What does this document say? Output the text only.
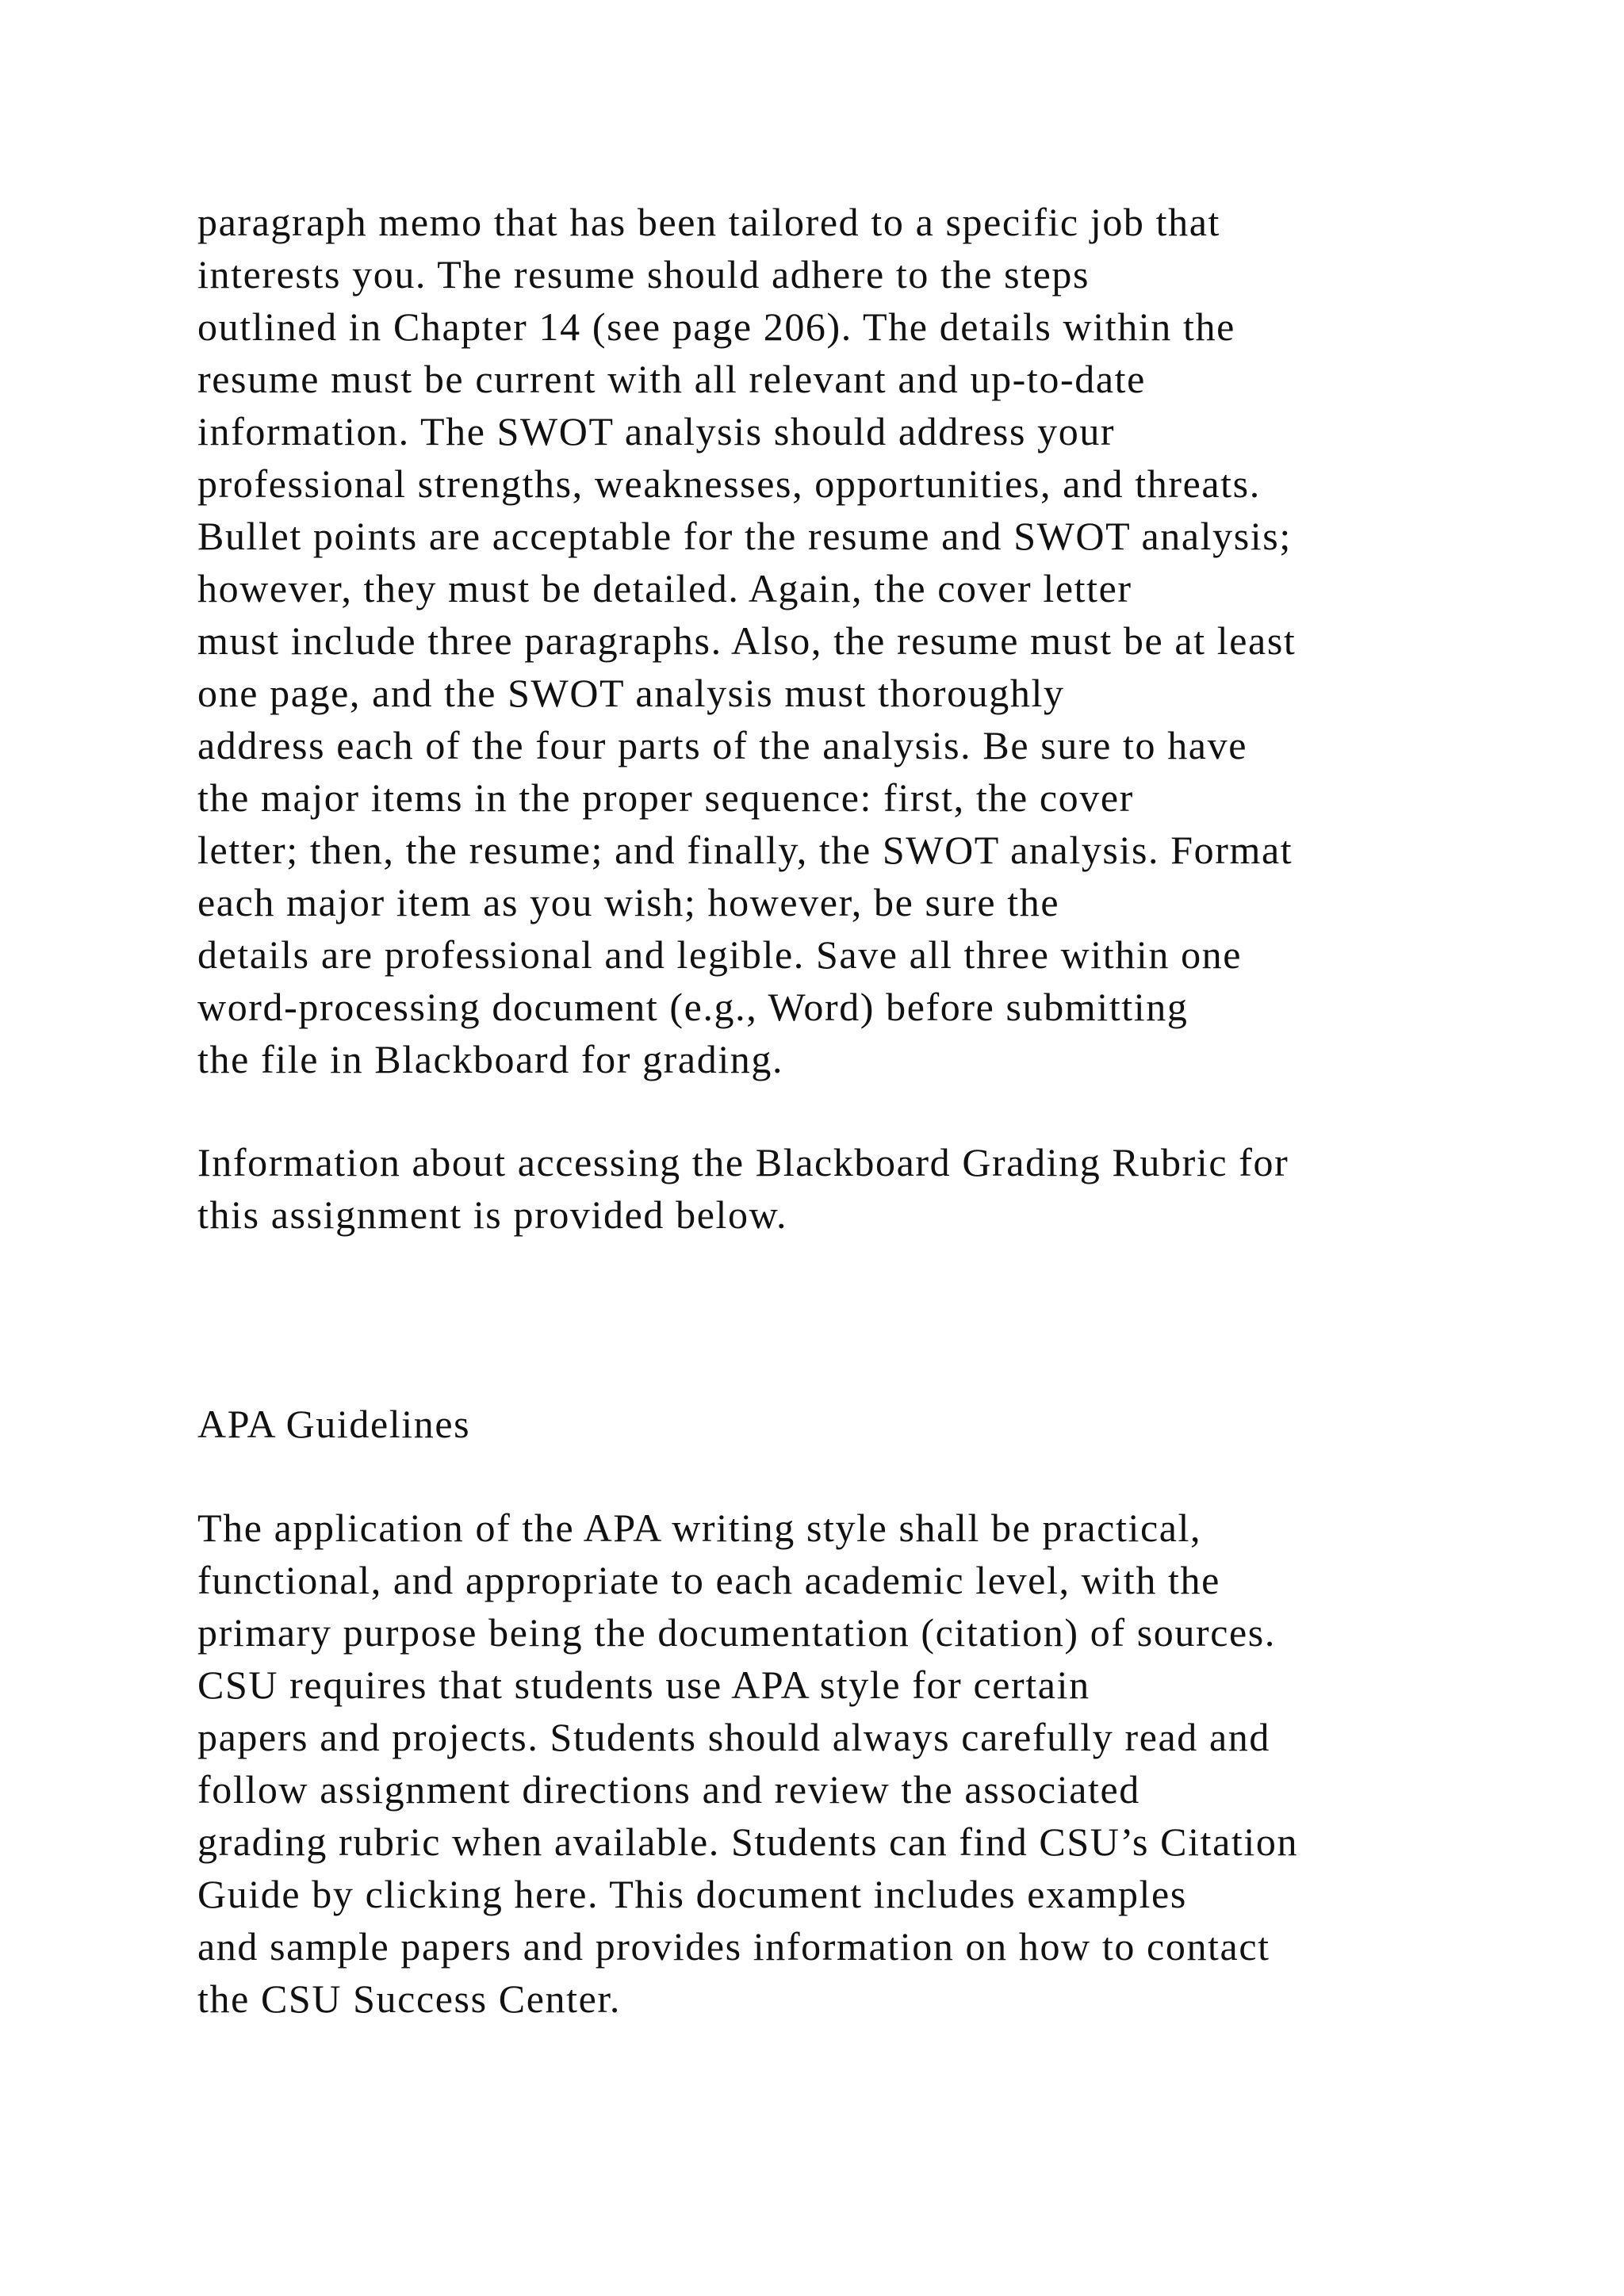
paragraph memo that has been tailored to a specific job that
interests you. The resume should adhere to the steps
outlined in Chapter 14 (see page 206). The details within the
resume must be current with all relevant and up-to-date
information. The SWOT analysis should address your
professional strengths, weaknesses, opportunities, and threats.
Bullet points are acceptable for the resume and SWOT analysis;
however, they must be detailed. Again, the cover letter
must include three paragraphs. Also, the resume must be at least
one page, and the SWOT analysis must thoroughly
address each of the four parts of the analysis. Be sure to have
the major items in the proper sequence: first, the cover
letter; then, the resume; and finally, the SWOT analysis. Format
each major item as you wish; however, be sure the
details are professional and legible. Save all three within one
word-processing document (e.g., Word) before submitting
the file in Blackboard for grading.

Information about accessing the Blackboard Grading Rubric for
this assignment is provided below.

APA Guidelines

The application of the APA writing style shall be practical,
functional, and appropriate to each academic level, with the
primary purpose being the documentation (citation) of sources.
CSU requires that students use APA style for certain
papers and projects. Students should always carefully read and
follow assignment directions and review the associated
grading rubric when available. Students can find CSU’s Citation
Guide by clicking here. This document includes examples
and sample papers and provides information on how to contact
the CSU Success Center.
